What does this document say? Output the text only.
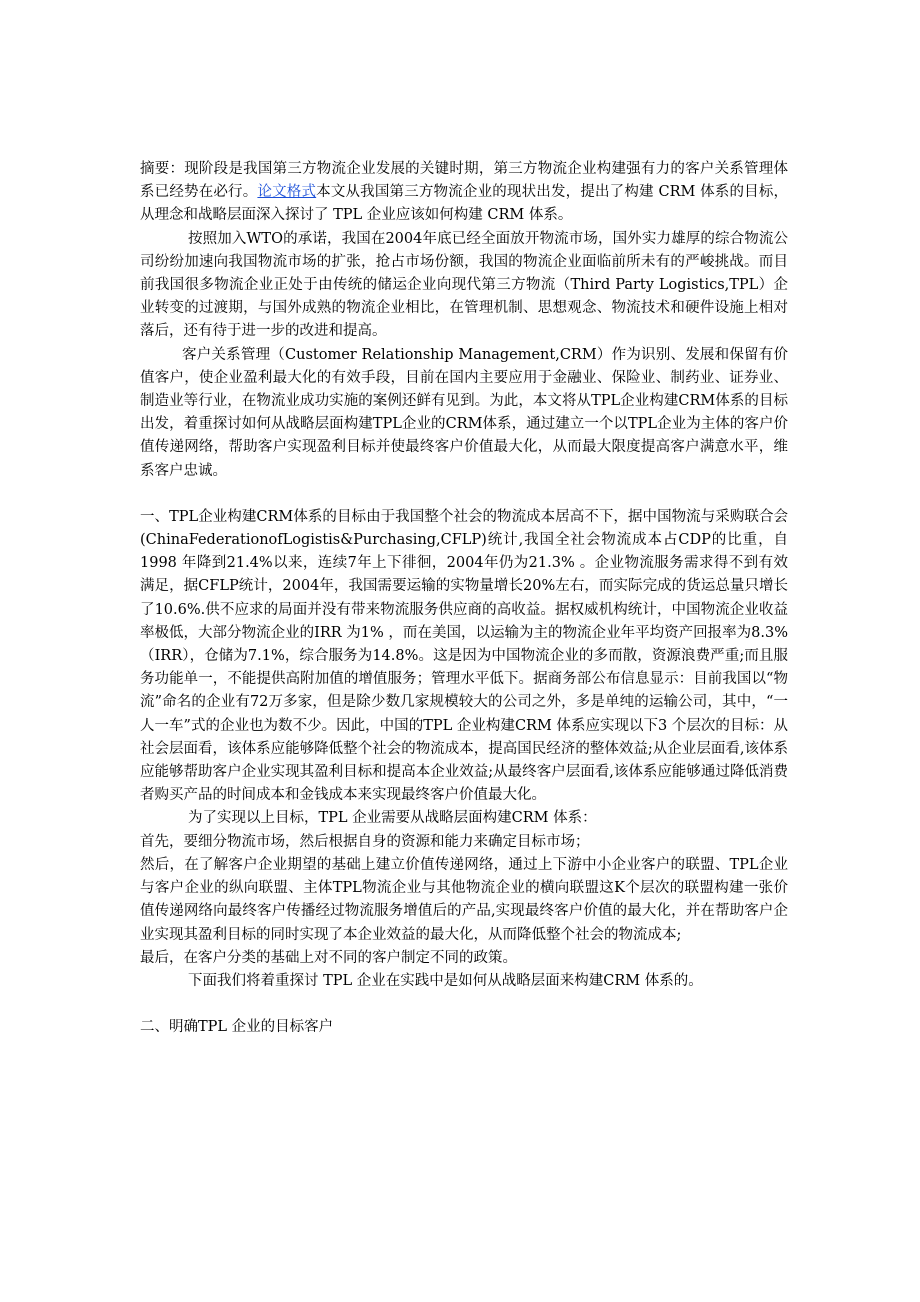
摘要：现阶段是我国第三方物流企业发展的关键时期，第三方物流企业构建强有力的客户关系管理体系已经势在必行。论文格式本文从我国第三方物流企业的现状出发，提出了构建 CRM 体系的目标，从理念和战略层面深入探讨了 TPL 企业应该如何构建 CRM 体系。

按照加入WTO的承诺，我国在2004年底已经全面放开物流市场，国外实力雄厚的综合物流公司纷纷加速向我国物流市场的扩张，抢占市场份额，我国的物流企业面临前所未有的严峻挑战。而目前我国很多物流企业正处于由传统的储运企业向现代第三方物流（Third Party Logistics,TPL）企业转变的过渡期，与国外成熟的物流企业相比，在管理机制、思想观念、物流技术和硬件设施上相对落后，还有待于进一步的改进和提高。

客户关系管理（Customer Relationship Management,CRM）作为识别、发展和保留有价值客户，使企业盈利最大化的有效手段，目前在国内主要应用于金融业、保险业、制药业、证券业、制造业等行业，在物流业成功实施的案例还鲜有见到。为此，本文将从TPL企业构建CRM体系的目标出发，着重探讨如何从战略层面构建TPL企业的CRM体系，通过建立一个以TPL企业为主体的客户价值传递网络，帮助客户实现盈利目标并使最终客户价值最大化，从而最大限度提高客户满意水平，维系客户忠诚。

一、TPL企业构建CRM体系的目标由于我国整个社会的物流成本居高不下，据中国物流与采购联合会(ChinaFederationofLogistis&Purchasing,CFLP)统计,我国全社会物流成本占CDP的比重，自 1998 年降到21.4%以来，连续7年上下徘徊，2004年仍为21.3% 。企业物流服务需求得不到有效满足，据CFLP统计，2004年，我国需要运输的实物量增长20%左右，而实际完成的货运总量只增长了10.6%.供不应求的局面并没有带来物流服务供应商的高收益。据权威机构统计，中国物流企业收益率极低，大部分物流企业的IRR 为1% ，而在美国，以运输为主的物流企业年平均资产回报率为8.3%（IRR），仓储为7.1%，综合服务为14.8%。这是因为中国物流企业的多而散，资源浪费严重;而且服务功能单一，不能提供高附加值的增值服务；管理水平低下。据商务部公布信息显示：目前我国以“物流”命名的企业有72万多家，但是除少数几家规模较大的公司之外，多是单纯的运输公司，其中，“一人一车”式的企业也为数不少。因此，中国的TPL 企业构建CRM 体系应实现以下3 个层次的目标：从社会层面看，该体系应能够降低整个社会的物流成本，提高国民经济的整体效益;从企业层面看,该体系应能够帮助客户企业实现其盈利目标和提高本企业效益;从最终客户层面看,该体系应能够通过降低消费者购买产品的时间成本和金钱成本来实现最终客户价值最大化。

为了实现以上目标，TPL 企业需要从战略层面构建CRM 体系：

首先，要细分物流市场，然后根据自身的资源和能力来确定目标市场；

然后，在了解客户企业期望的基础上建立价值传递网络，通过上下游中小企业客户的联盟、TPL企业与客户企业的纵向联盟、主体TPL物流企业与其他物流企业的横向联盟这K个层次的联盟构建一张价值传递网络向最终客户传播经过物流服务增值后的产品,实现最终客户价值的最大化，并在帮助客户企业实现其盈利目标的同时实现了本企业效益的最大化，从而降低整个社会的物流成本;

最后，在客户分类的基础上对不同的客户制定不同的政策。

下面我们将着重探讨 TPL 企业在实践中是如何从战略层面来构建CRM 体系的。

二、明确TPL 企业的目标客户
